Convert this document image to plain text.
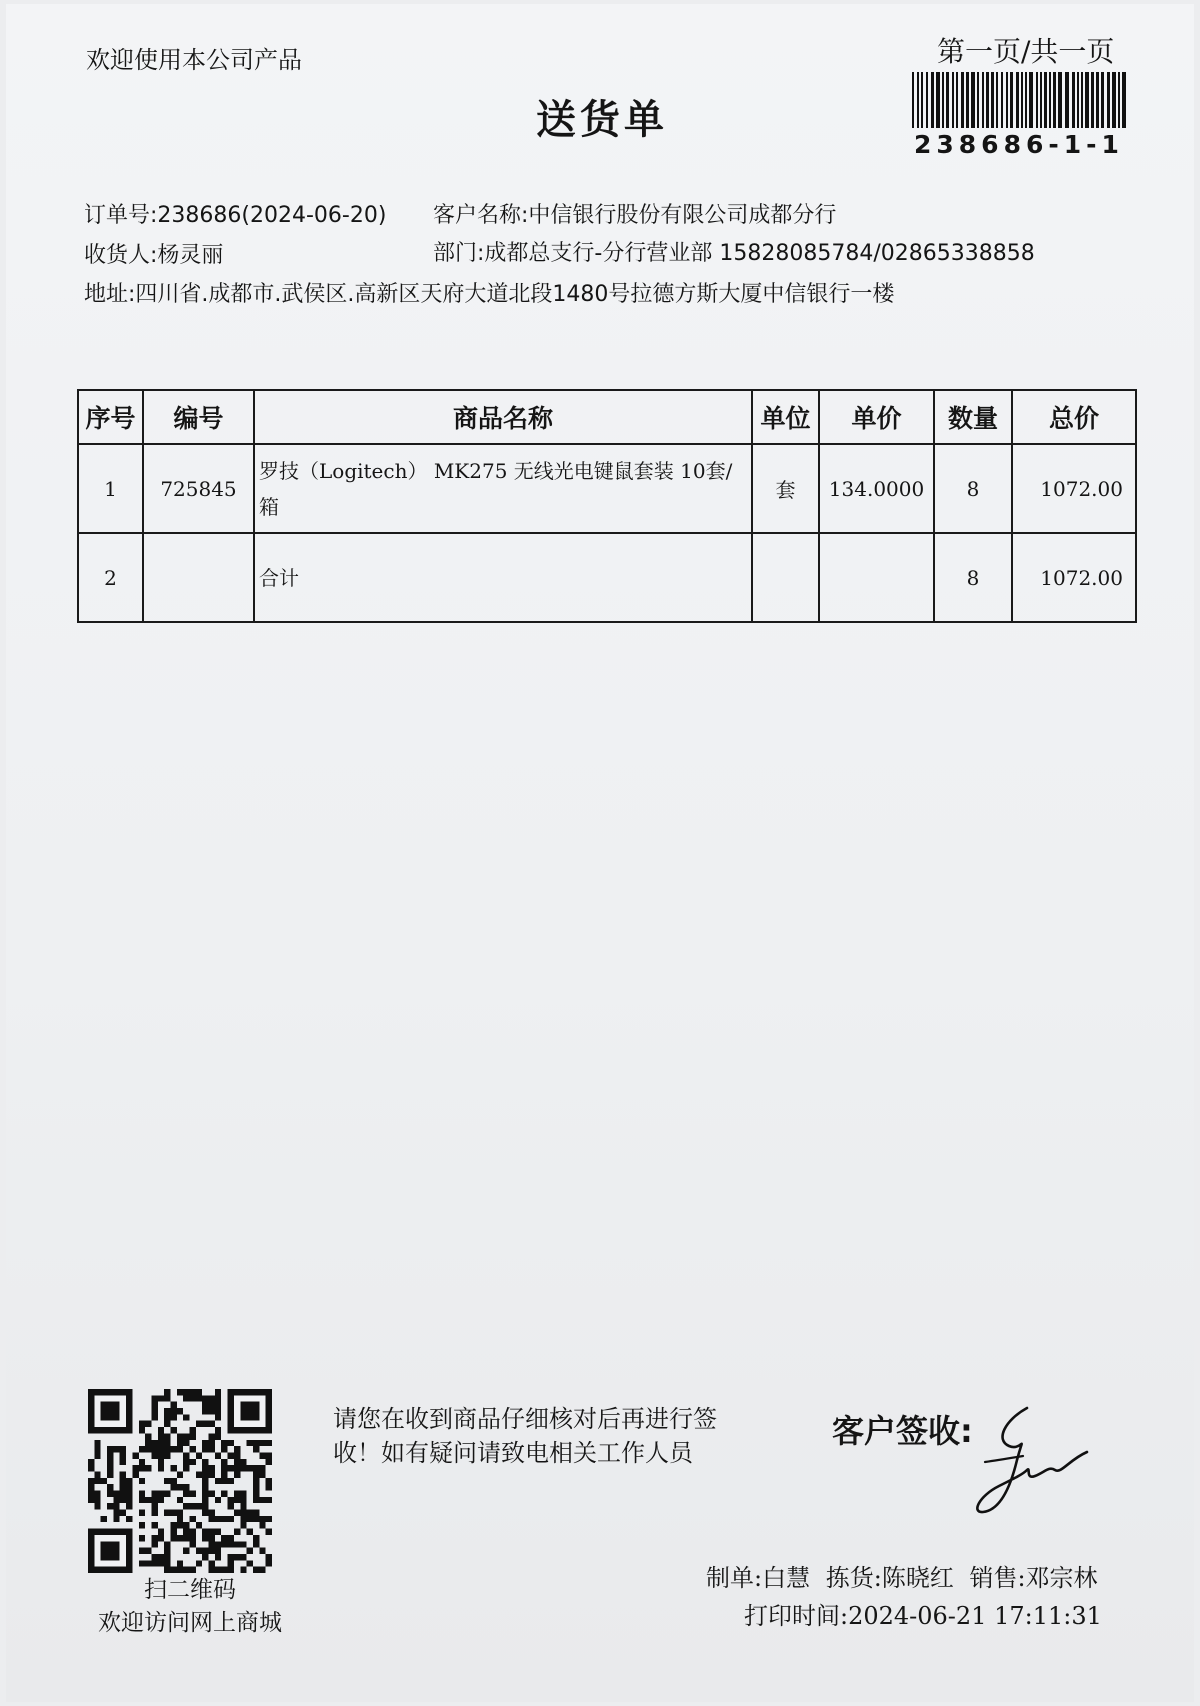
欢迎使用本公司产品	第一页/共一页
送货单
238686-1-1
订单号:238686(2024-06-20) 客户名称:中信银行股份有限公司成都分行
收货人:杨灵丽	部门:成都总支行-分行营业部 15828085784/02865338858
地址:四川省.成都市.武侯区.高新区天府大道北段1480号拉德方斯大厦中信银行一楼
序号	编号	商品名称	单位	单价	数量	总价
1	725845	罗技（Logitech） MK275 无线光电键鼠套装 10套/箱	套	134.0000	8	1072.00
2		合计			8	1072.00
扫二维码
欢迎访问网上商城
请您在收到商品仔细核对后再进行签收！如有疑问请致电相关工作人员
客户签收:
制单:白慧 拣货:陈晓红 销售:邓宗林
打印时间:2024-06-21 17:11:31
